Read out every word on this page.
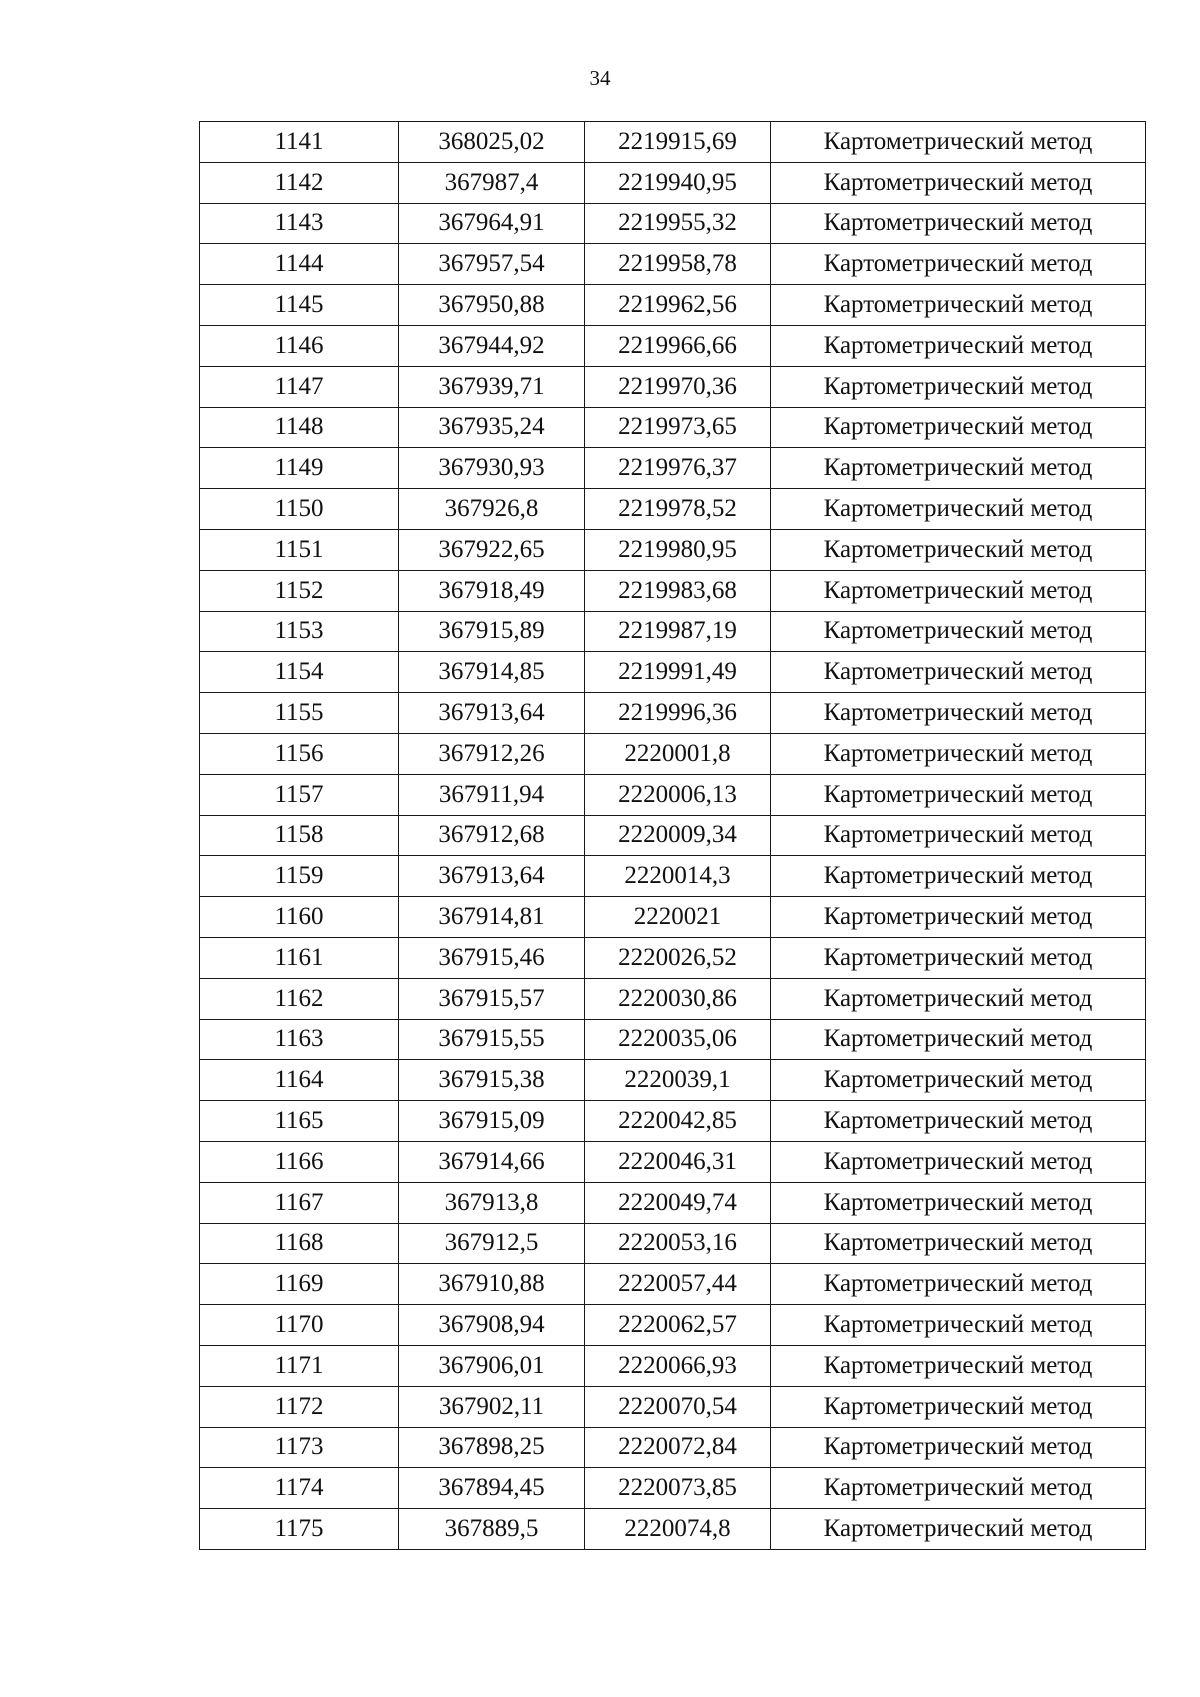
34
1141	368025,02	2219915,69	Картометрический метод
1142	367987,4	2219940,95	Картометрический метод
1143	367964,91	2219955,32	Картометрический метод
1144	367957,54	2219958,78	Картометрический метод
1145	367950,88	2219962,56	Картометрический метод
1146	367944,92	2219966,66	Картометрический метод
1147	367939,71	2219970,36	Картометрический метод
1148	367935,24	2219973,65	Картометрический метод
1149	367930,93	2219976,37	Картометрический метод
1150	367926,8	2219978,52	Картометрический метод
1151	367922,65	2219980,95	Картометрический метод
1152	367918,49	2219983,68	Картометрический метод
1153	367915,89	2219987,19	Картометрический метод
1154	367914,85	2219991,49	Картометрический метод
1155	367913,64	2219996,36	Картометрический метод
1156	367912,26	2220001,8	Картометрический метод
1157	367911,94	2220006,13	Картометрический метод
1158	367912,68	2220009,34	Картометрический метод
1159	367913,64	2220014,3	Картометрический метод
1160	367914,81	2220021	Картометрический метод
1161	367915,46	2220026,52	Картометрический метод
1162	367915,57	2220030,86	Картометрический метод
1163	367915,55	2220035,06	Картометрический метод
1164	367915,38	2220039,1	Картометрический метод
1165	367915,09	2220042,85	Картометрический метод
1166	367914,66	2220046,31	Картометрический метод
1167	367913,8	2220049,74	Картометрический метод
1168	367912,5	2220053,16	Картометрический метод
1169	367910,88	2220057,44	Картометрический метод
1170	367908,94	2220062,57	Картометрический метод
1171	367906,01	2220066,93	Картометрический метод
1172	367902,11	2220070,54	Картометрический метод
1173	367898,25	2220072,84	Картометрический метод
1174	367894,45	2220073,85	Картометрический метод
1175	367889,5	2220074,8	Картометрический метод
